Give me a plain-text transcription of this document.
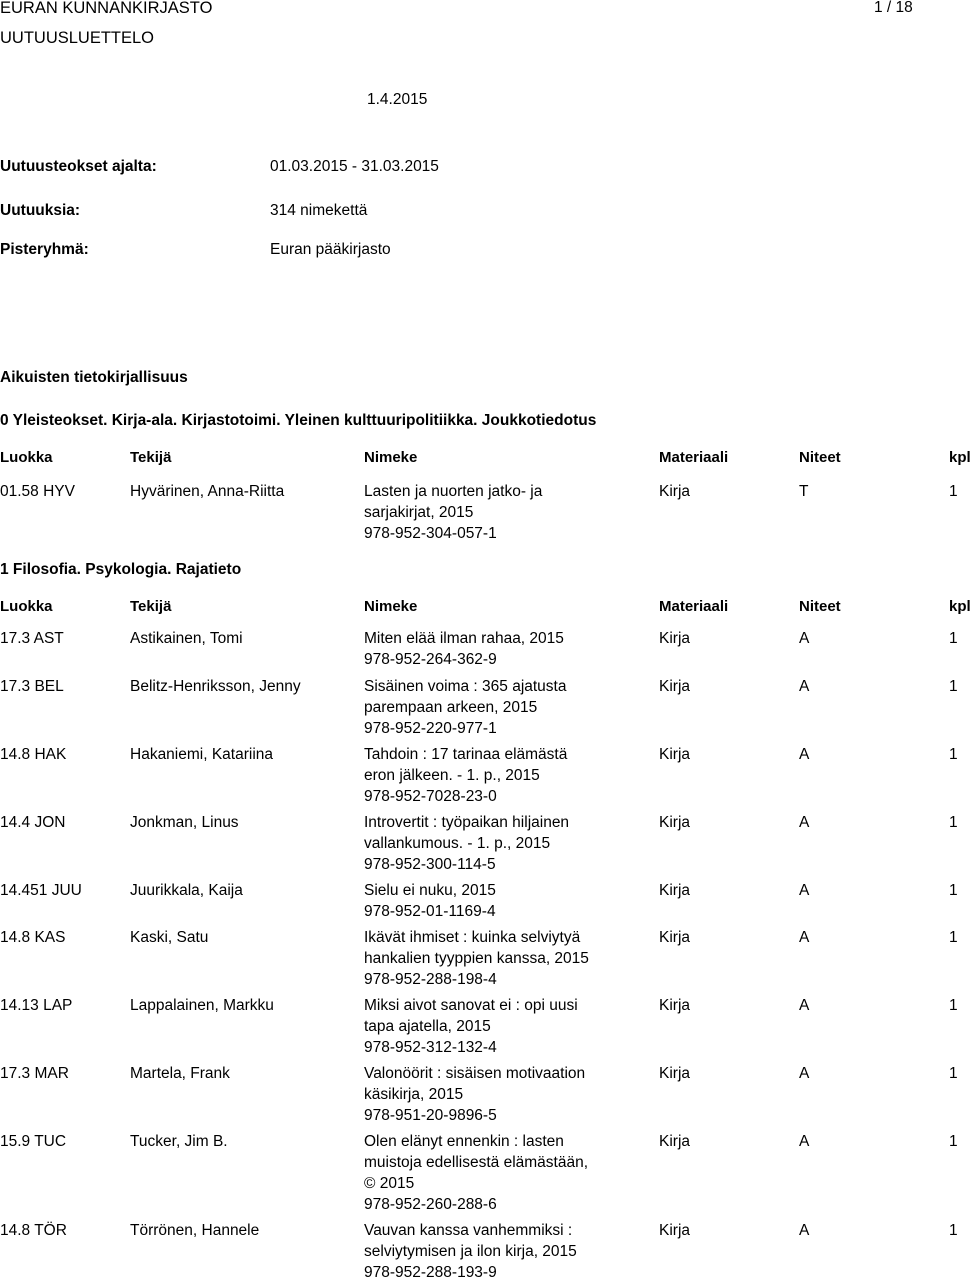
EURAN KUNNANKIRJASTO
UUTUUSLUETTELO
1 / 18
1.4.2015
Uutuusteokset ajalta:	01.03.2015 - 31.03.2015
Uutuuksia:	314 nimekettä
Pisteryhmä:	Euran pääkirjasto
Aikuisten tietokirjallisuus
0 Yleisteokset. Kirja-ala. Kirjastotoimi. Yleinen kulttuuripolitiikka. Joukkotiedotus
Luokka	Tekijä	Nimeke	Materiaali	Niteet	kpl
01.58 HYV	Hyvärinen, Anna-Riitta	Lasten ja nuorten jatko- ja
sarjakirjat, 2015
978-952-304-057-1
Kirja	T	1
1 Filosofia. Psykologia. Rajatieto
Luokka	Tekijä	Nimeke	Materiaali	Niteet	kpl
17.3 AST	Astikainen, Tomi	Miten elää ilman rahaa, 2015
978-952-264-362-9
Kirja	A	1
17.3 BEL	Belitz-Henriksson, Jenny	Sisäinen voima : 365 ajatusta
parempaan arkeen, 2015
978-952-220-977-1
Kirja	A	1
14.8 HAK	Hakaniemi, Katariina	Tahdoin : 17 tarinaa elämästä
eron jälkeen. - 1. p., 2015
978-952-7028-23-0
Kirja	A	1
14.4 JON	Jonkman, Linus	Introvertit : työpaikan hiljainen
vallankumous. - 1. p., 2015
978-952-300-114-5
Kirja	A	1
14.451 JUU	Juurikkala, Kaija	Sielu ei nuku, 2015
978-952-01-1169-4
Kirja	A	1
14.8 KAS	Kaski, Satu	Ikävät ihmiset : kuinka selviytyä
hankalien tyyppien kanssa, 2015
978-952-288-198-4
Kirja	A	1
14.13 LAP	Lappalainen, Markku	Miksi aivot sanovat ei : opi uusi
tapa ajatella, 2015
978-952-312-132-4
Kirja	A	1
17.3 MAR	Martela, Frank	Valonöörit : sisäisen motivaation
käsikirja, 2015
978-951-20-9896-5
Kirja	A	1
15.9 TUC	Tucker, Jim B.	Olen elänyt ennenkin : lasten
muistoja edellisestä elämästään,
© 2015
978-952-260-288-6
Kirja	A	1
14.8 TÖR	Törrönen, Hannele	Vauvan kanssa vanhemmiksi :
selviytymisen ja ilon kirja, 2015
978-952-288-193-9
Kirja	A	1
